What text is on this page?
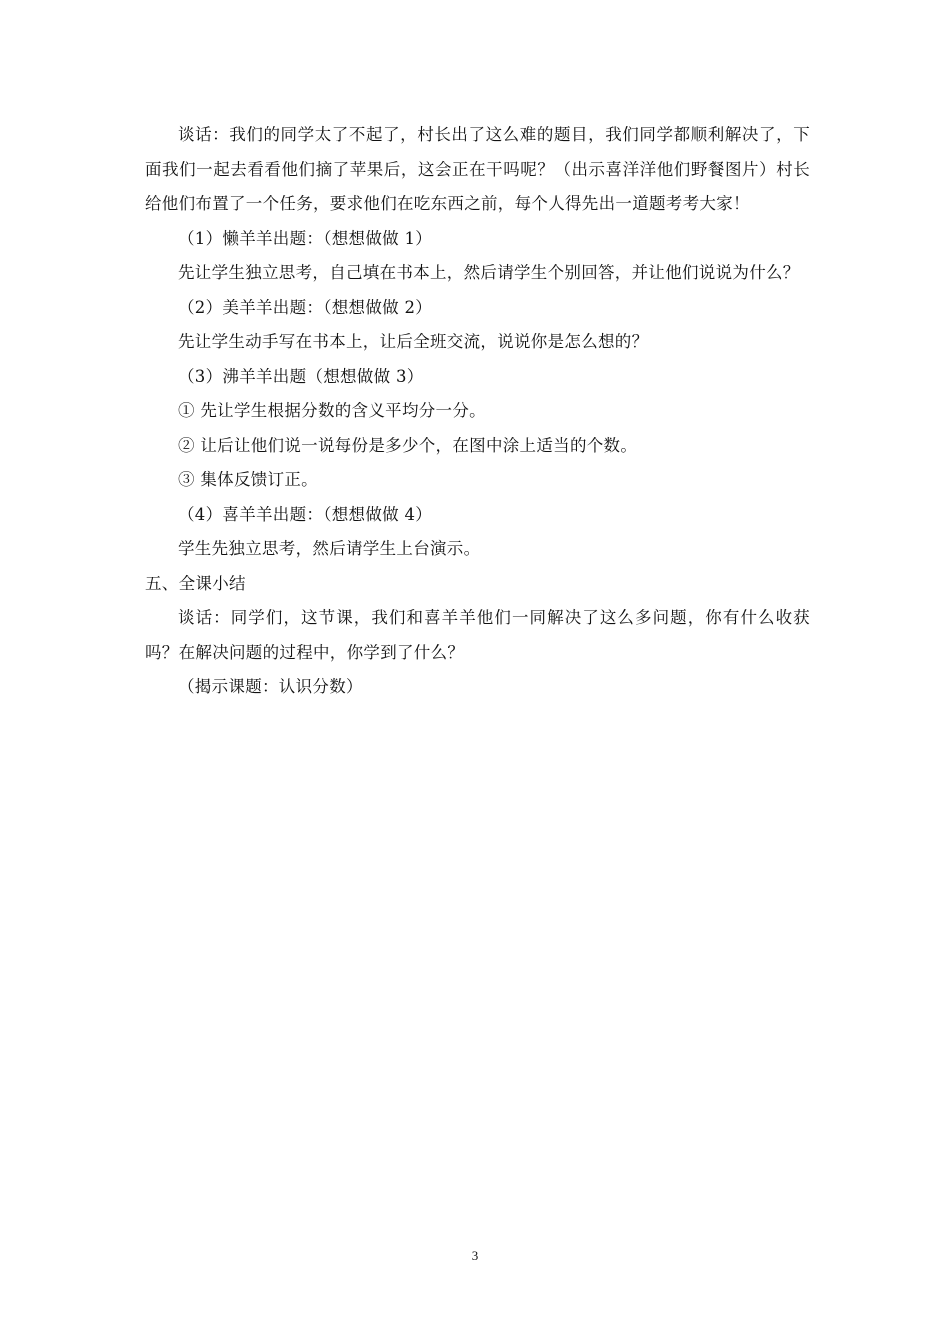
谈话：我们的同学太了不起了，村长出了这么难的题目，我们同学都顺利解决了，下面我们一起去看看他们摘了苹果后，这会正在干吗呢？（出示喜洋洋他们野餐图片）村长给他们布置了一个任务，要求他们在吃东西之前，每个人得先出一道题考考大家！

（1）懒羊羊出题：（想想做做 1）

先让学生独立思考，自己填在书本上，然后请学生个别回答，并让他们说说为什么？

（2）美羊羊出题：（想想做做 2）

先让学生动手写在书本上，让后全班交流，说说你是怎么想的？

（3）沸羊羊出题（想想做做 3）

① 先让学生根据分数的含义平均分一分。

② 让后让他们说一说每份是多少个，在图中涂上适当的个数。

③ 集体反馈订正。

（4）喜羊羊出题：（想想做做 4）

学生先独立思考，然后请学生上台演示。

五、全课小结

谈话：同学们，这节课，我们和喜羊羊他们一同解决了这么多问题，你有什么收获吗？在解决问题的过程中，你学到了什么？

（揭示课题：认识分数）

3
